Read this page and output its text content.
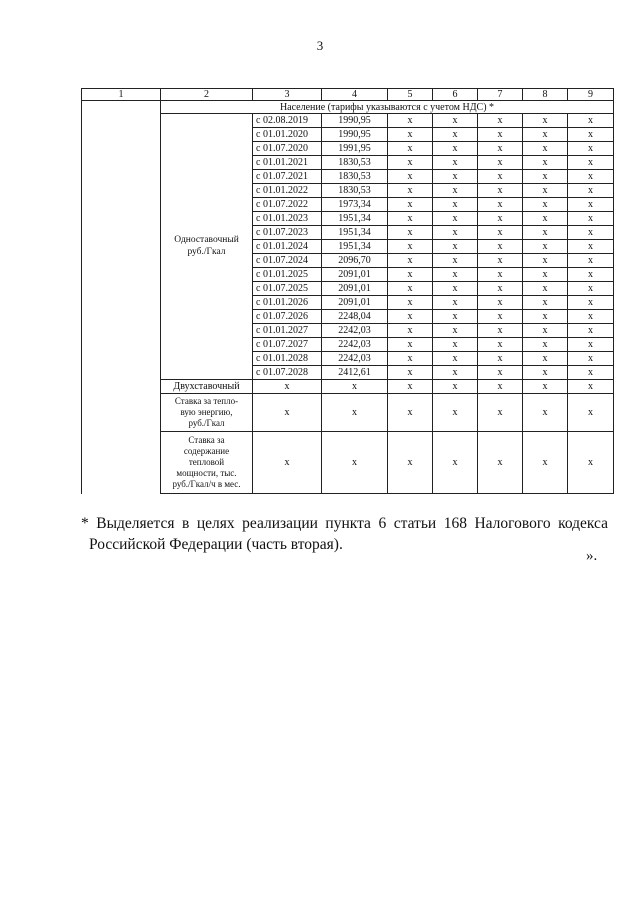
3
1	2	3	4	5	6	7	8	9
	Население (тарифы указываются с учетом НДС) *							
	Одноставочный
руб./Гкал	с 02.08.2019	1990,95	х	х	х	х	х
		с 01.01.2020	1990,95	х	х	х	х	х
		с 01.07.2020	1991,95	х	х	х	х	х
		с 01.01.2021	1830,53	х	х	х	х	х
		с 01.07.2021	1830,53	х	х	х	х	х
		с 01.01.2022	1830,53	х	х	х	х	х
		с 01.07.2022	1973,34	х	х	х	х	х
		с 01.01.2023	1951,34	х	х	х	х	х
		с 01.07.2023	1951,34	х	х	х	х	х
		с 01.01.2024	1951,34	х	х	х	х	х
		с 01.07.2024	2096,70	х	х	х	х	х
		с 01.01.2025	2091,01	х	х	х	х	х
		с 01.07.2025	2091,01	х	х	х	х	х
		с 01.01.2026	2091,01	х	х	х	х	х
		с 01.07.2026	2248,04	х	х	х	х	х
		с 01.01.2027	2242,03	х	х	х	х	х
		с 01.07.2027	2242,03	х	х	х	х	х
		с 01.01.2028	2242,03	х	х	х	х	х
		с 01.07.2028	2412,61	х	х	х	х	х
	Двухставочный	х	х	х	х	х	х	х
	Ставка за тепло-
вую энергию,
руб./Гкал	х	х	х	х	х	х	х
	Ставка за
содержание
тепловой
мощности, тыс.
руб./Гкал/ч в мес.	х	х	х	х	х	х	х
* Выделяется в целях реализации пункта 6 статьи 168 Налогового кодекса Российской Федерации (часть вторая).
».
